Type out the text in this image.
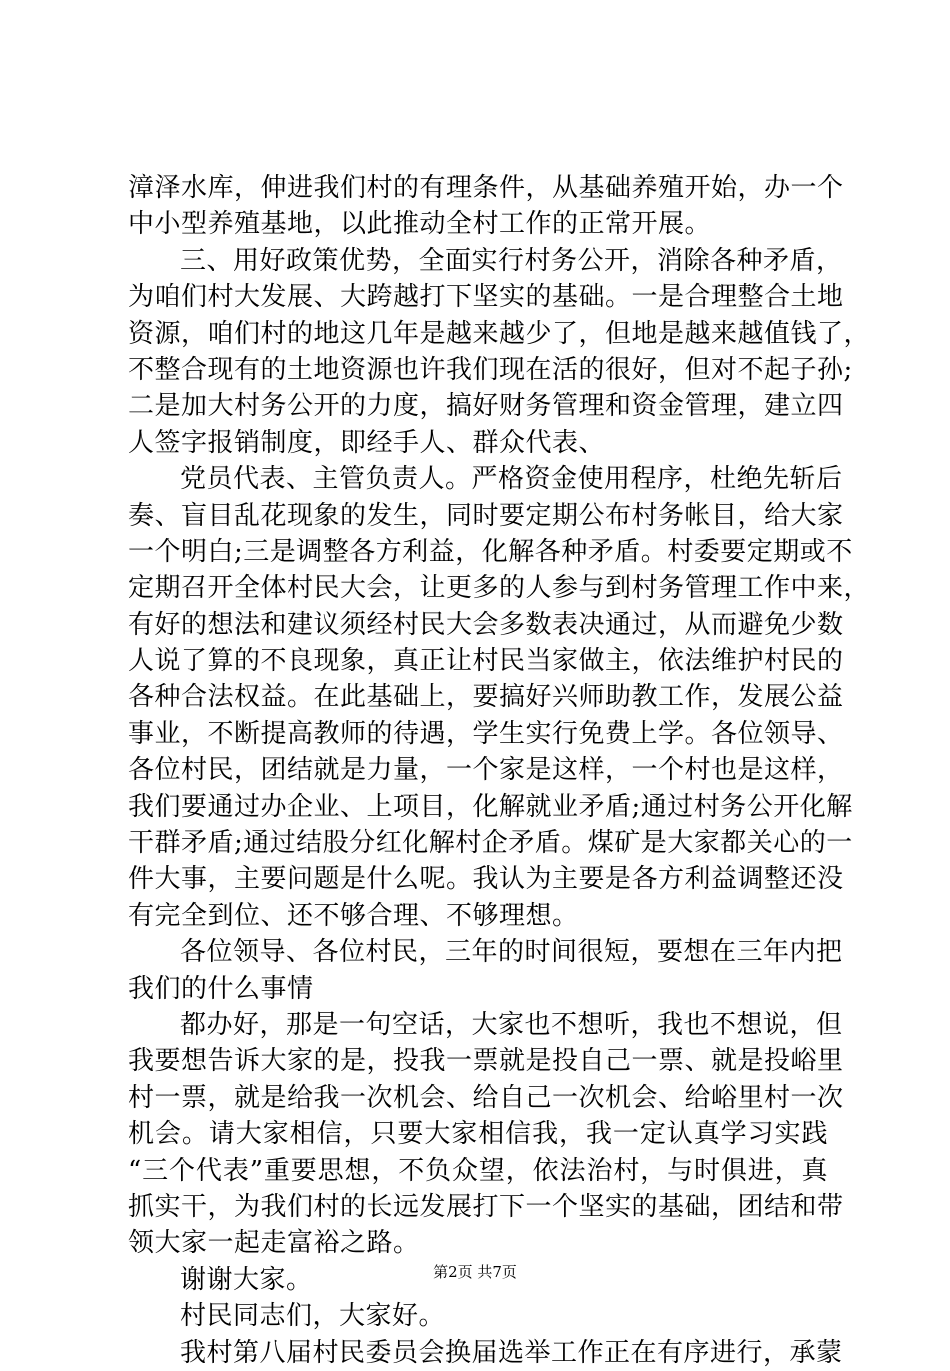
漳泽水库，伸进我们村的有理条件，从基础养殖开始，办一个
中小型养殖基地，以此推动全村工作的正常开展。
三、用好政策优势，全面实行村务公开，消除各种矛盾，
为咱们村大发展、大跨越打下坚实的基础。一是合理整合土地
资源，咱们村的地这几年是越来越少了，但地是越来越值钱了，
不整合现有的土地资源也许我们现在活的很好，但对不起子孙;
二是加大村务公开的力度，搞好财务管理和资金管理，建立四
人签字报销制度，即经手人、群众代表、
党员代表、主管负责人。严格资金使用程序，杜绝先斩后
奏、盲目乱花现象的发生，同时要定期公布村务帐目，给大家
一个明白;三是调整各方利益，化解各种矛盾。村委要定期或不
定期召开全体村民大会，让更多的人参与到村务管理工作中来，
有好的想法和建议须经村民大会多数表决通过，从而避免少数
人说了算的不良现象，真正让村民当家做主，依法维护村民的
各种合法权益。在此基础上，要搞好兴师助教工作，发展公益
事业，不断提高教师的待遇，学生实行免费上学。各位领导、
各位村民，团结就是力量，一个家是这样，一个村也是这样，
我们要通过办企业、上项目，化解就业矛盾;通过村务公开化解
干群矛盾;通过结股分红化解村企矛盾。煤矿是大家都关心的一
件大事，主要问题是什么呢。我认为主要是各方利益调整还没
有完全到位、还不够合理、不够理想。
各位领导、各位村民，三年的时间很短，要想在三年内把
我们的什么事情
都办好，那是一句空话，大家也不想听，我也不想说，但
我要想告诉大家的是，投我一票就是投自己一票、就是投峪里
村一票，就是给我一次机会、给自己一次机会、给峪里村一次
机会。请大家相信，只要大家相信我，我一定认真学习实践
“三个代表”重要思想，不负众望，依法治村，与时俱进，真
抓实干，为我们村的长远发展打下一个坚实的基础，团结和带
领大家一起走富裕之路。
谢谢大家。
村民同志们，大家好。
我村第八届村民委员会换届选举工作正在有序进行，承蒙
第2页 共7页
